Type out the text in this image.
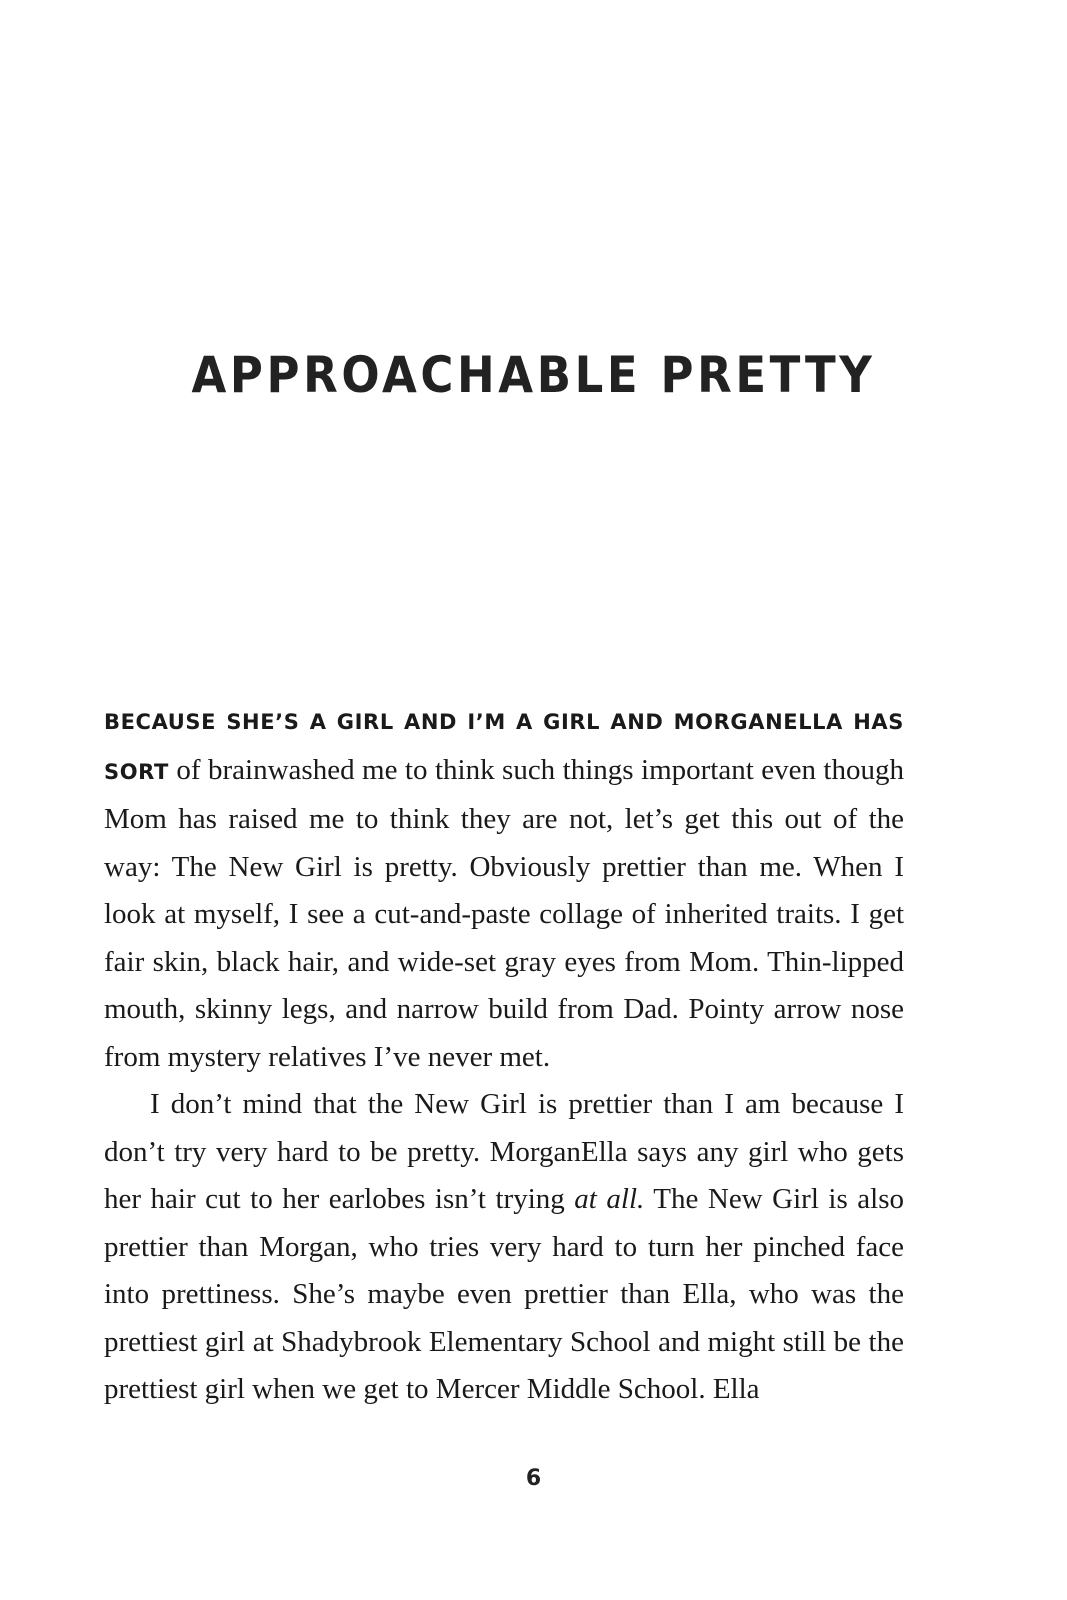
APPROACHABLE PRETTY

BECAUSE SHE’S A GIRL AND I’M A GIRL AND MORGANELLA HAS SORT of brainwashed me to think such things important even though Mom has raised me to think they are not, let’s get this out of the way: The New Girl is pretty. Obviously prettier than me. When I look at myself, I see a cut-and-paste collage of inherited traits. I get fair skin, black hair, and wide-set gray eyes from Mom. Thin-lipped mouth, skinny legs, and narrow build from Dad. Pointy arrow nose from mystery relatives I’ve never met.

I don’t mind that the New Girl is prettier than I am because I don’t try very hard to be pretty. MorganElla says any girl who gets her hair cut to her earlobes isn’t trying at all. The New Girl is also prettier than Morgan, who tries very hard to turn her pinched face into prettiness. She’s maybe even prettier than Ella, who was the prettiest girl at Shadybrook Elementary School and might still be the prettiest girl when we get to Mercer Middle School. Ella

6
